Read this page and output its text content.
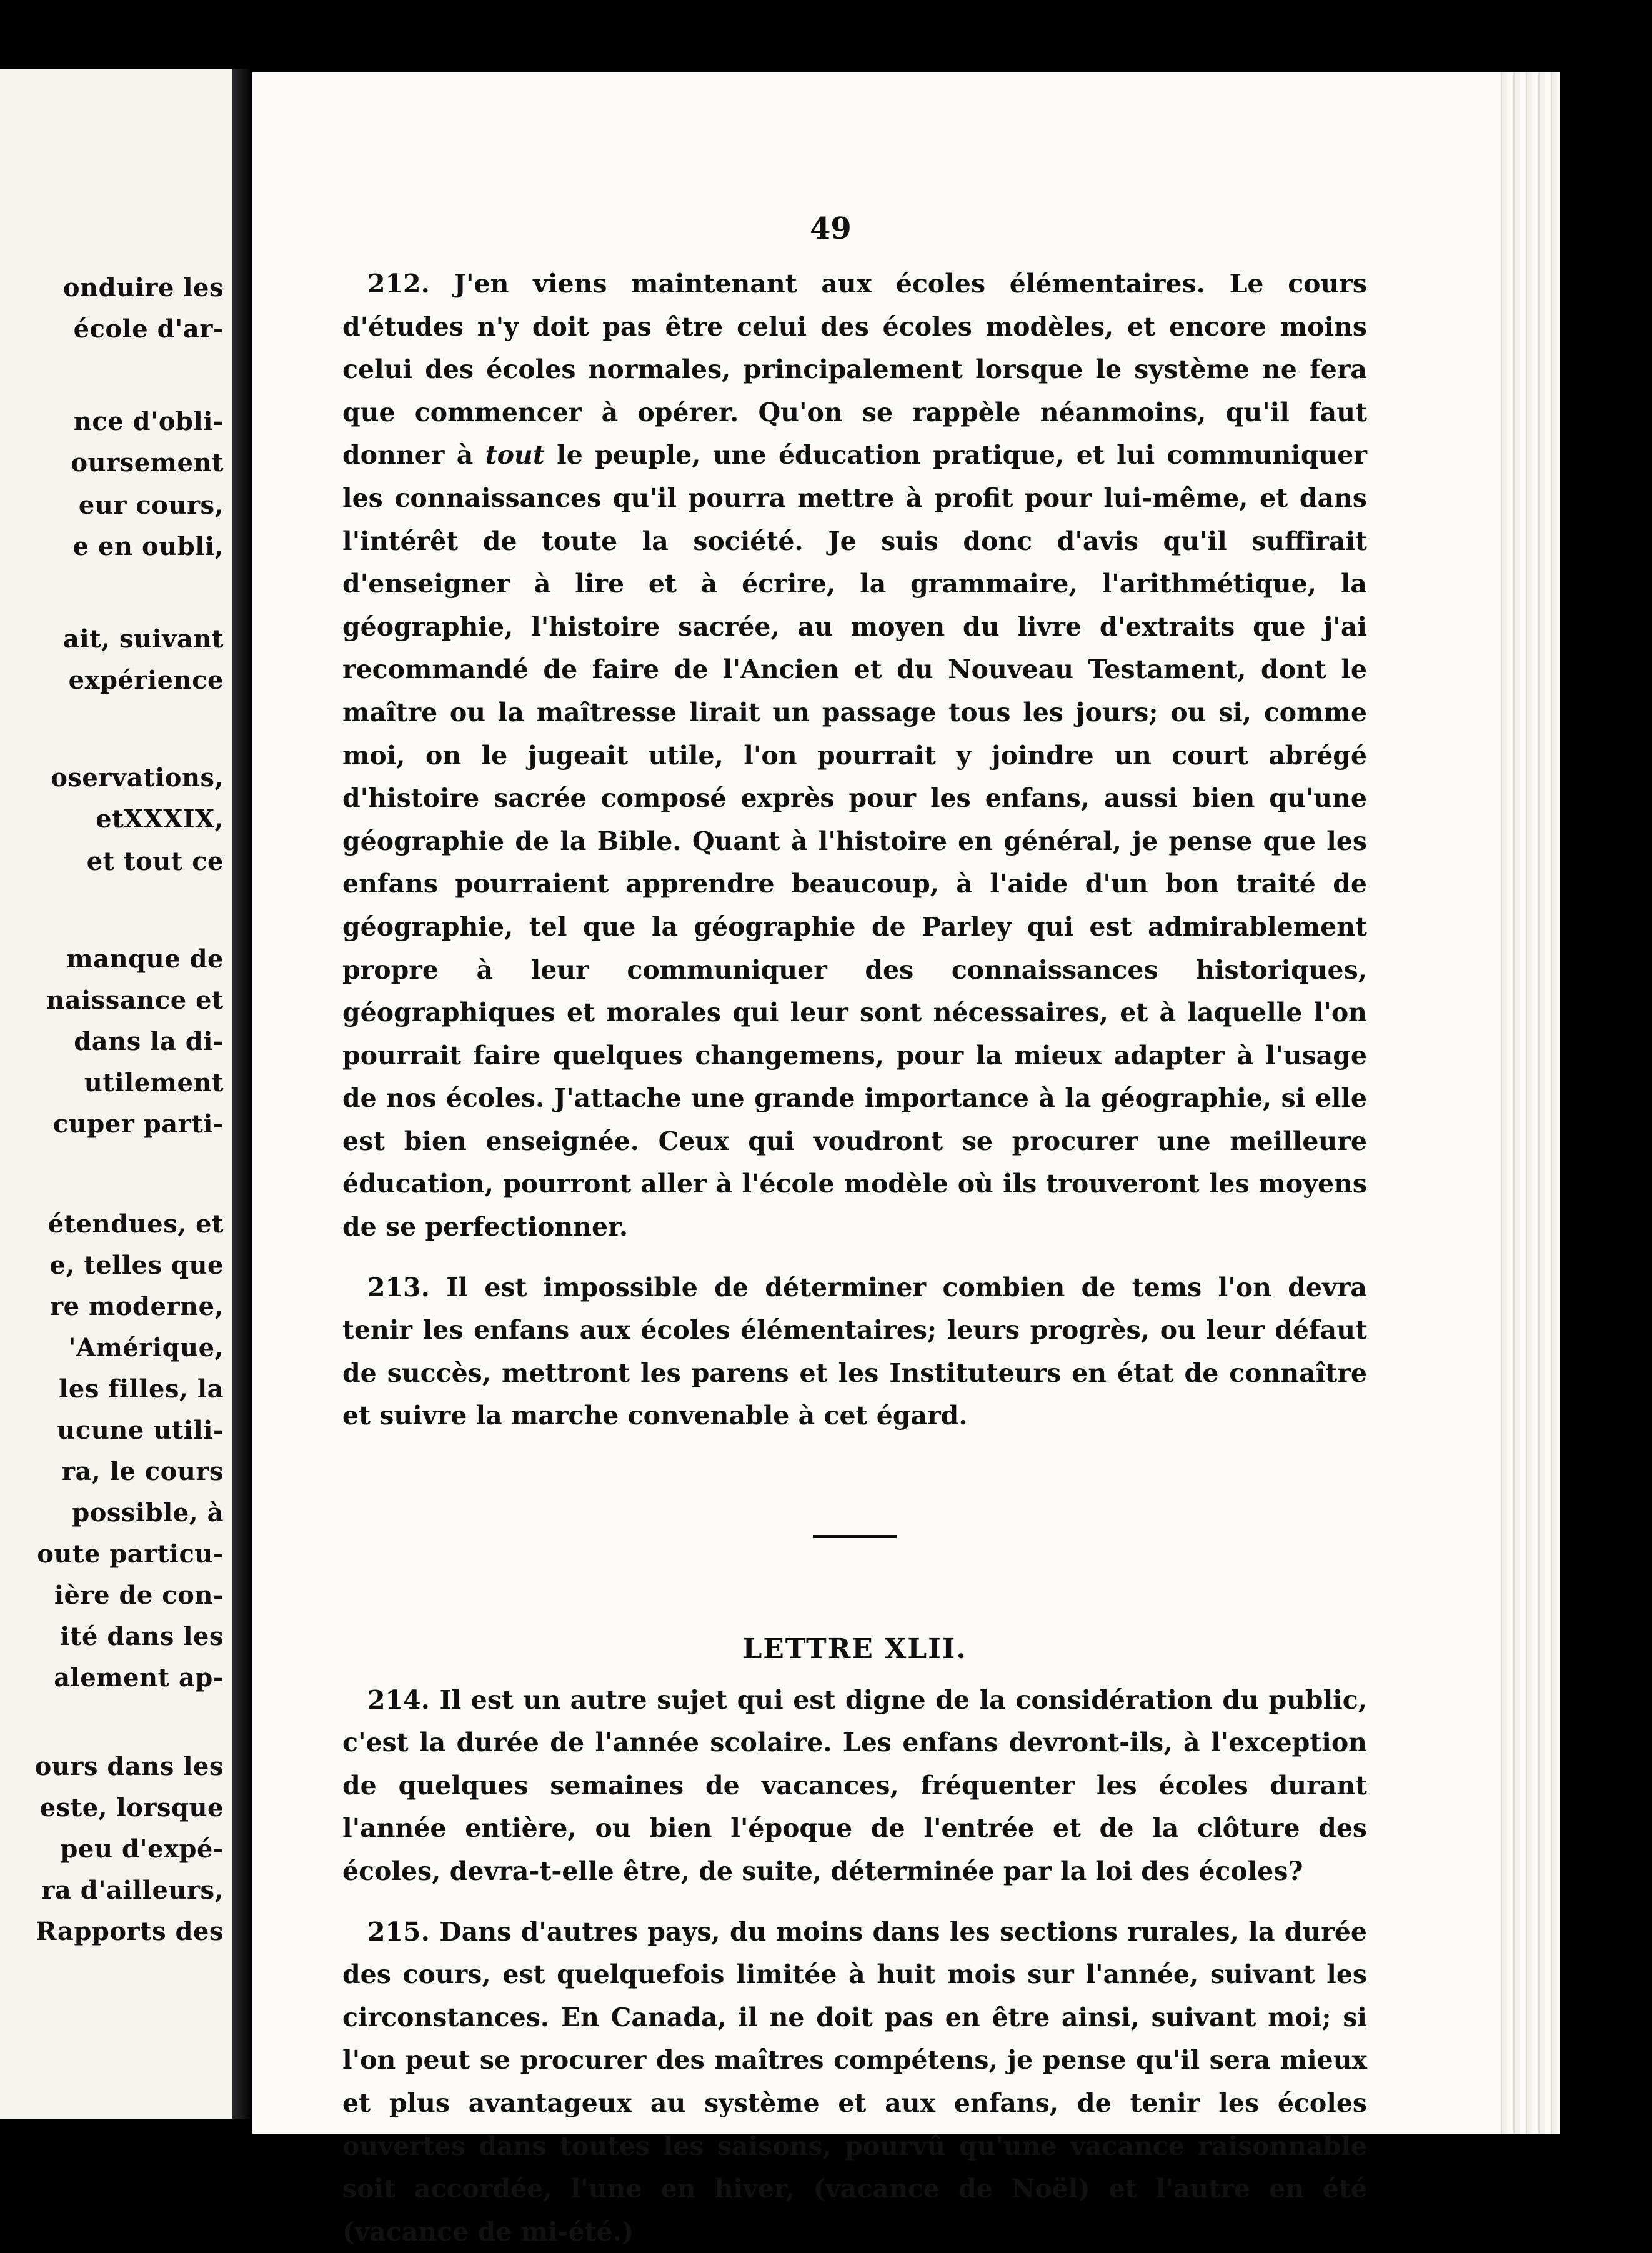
onduire les
école d'ar-
nce d'obli-
oursement
eur cours,
e en oubli,
ait, suivant
expérience
oservations,
etXXXIX,
et tout ce
manque de
naissance et
dans la di-
utilement
cuper parti-
étendues, et
e, telles que
re moderne,
'Amérique,
les filles, la
ucune utili-
ra, le cours
possible, à
oute particu-
ière de con-
ité dans les
alement ap-
ours dans les
este, lorsque
peu d'expé-
ra d'ailleurs,
Rapports des
49

212. J'en viens maintenant aux écoles élémentaires. Le cours d'études n'y doit pas être celui des écoles modèles, et encore moins celui des écoles normales, principalement lorsque le système ne fera que commencer à opérer. Qu'on se rappèle néanmoins, qu'il faut donner à tout le peuple, une éducation pratique, et lui communiquer les connaissances qu'il pourra mettre à profit pour lui-même, et dans l'intérêt de toute la société. Je suis donc d'avis qu'il suffirait d'enseigner à lire et à écrire, la grammaire, l'arithmétique, la géographie, l'histoire sacrée, au moyen du livre d'extraits que j'ai recommandé de faire de l'Ancien et du Nouveau Testament, dont le maître ou la maîtresse lirait un passage tous les jours; ou si, comme moi, on le jugeait utile, l'on pourrait y joindre un court abrégé d'histoire sacrée composé exprès pour les enfans, aussi bien qu'une géographie de la Bible. Quant à l'histoire en général, je pense que les enfans pourraient apprendre beaucoup, à l'aide d'un bon traité de géographie, tel que la géographie de Parley qui est admirablement propre à leur communiquer des connaissances historiques, géographiques et morales qui leur sont nécessaires, et à laquelle l'on pourrait faire quelques changemens, pour la mieux adapter à l'usage de nos écoles. J'attache une grande importance à la géographie, si elle est bien enseignée. Ceux qui voudront se procurer une meilleure éducation, pourront aller à l'école modèle où ils trouveront les moyens de se perfectionner.

213. Il est impossible de déterminer combien de tems l'on devra tenir les enfans aux écoles élémentaires; leurs progrès, ou leur défaut de succès, mettront les parens et les Instituteurs en état de connaître et suivre la marche convenable à cet égard.

LETTRE XLII.

214. Il est un autre sujet qui est digne de la considération du public, c'est la durée de l'année scolaire. Les enfans devront-ils, à l'exception de quelques semaines de vacances, fréquenter les écoles durant l'année entière, ou bien l'époque de l'entrée et de la clôture des écoles, devra-t-elle être, de suite, déterminée par la loi des écoles?

215. Dans d'autres pays, du moins dans les sections rurales, la durée des cours, est quelquefois limitée à huit mois sur l'année, suivant les circonstances. En Canada, il ne doit pas en être ainsi, suivant moi; si l'on peut se procurer des maîtres compétens, je pense qu'il sera mieux et plus avantageux au système et aux enfans, de tenir les écoles ouvertes dans toutes les saisons, pourvû qu'une vacance raisonnable soit accordée, l'une en hiver, (vacance de Noël) et l'autre en été (vacance de mi-été.)
